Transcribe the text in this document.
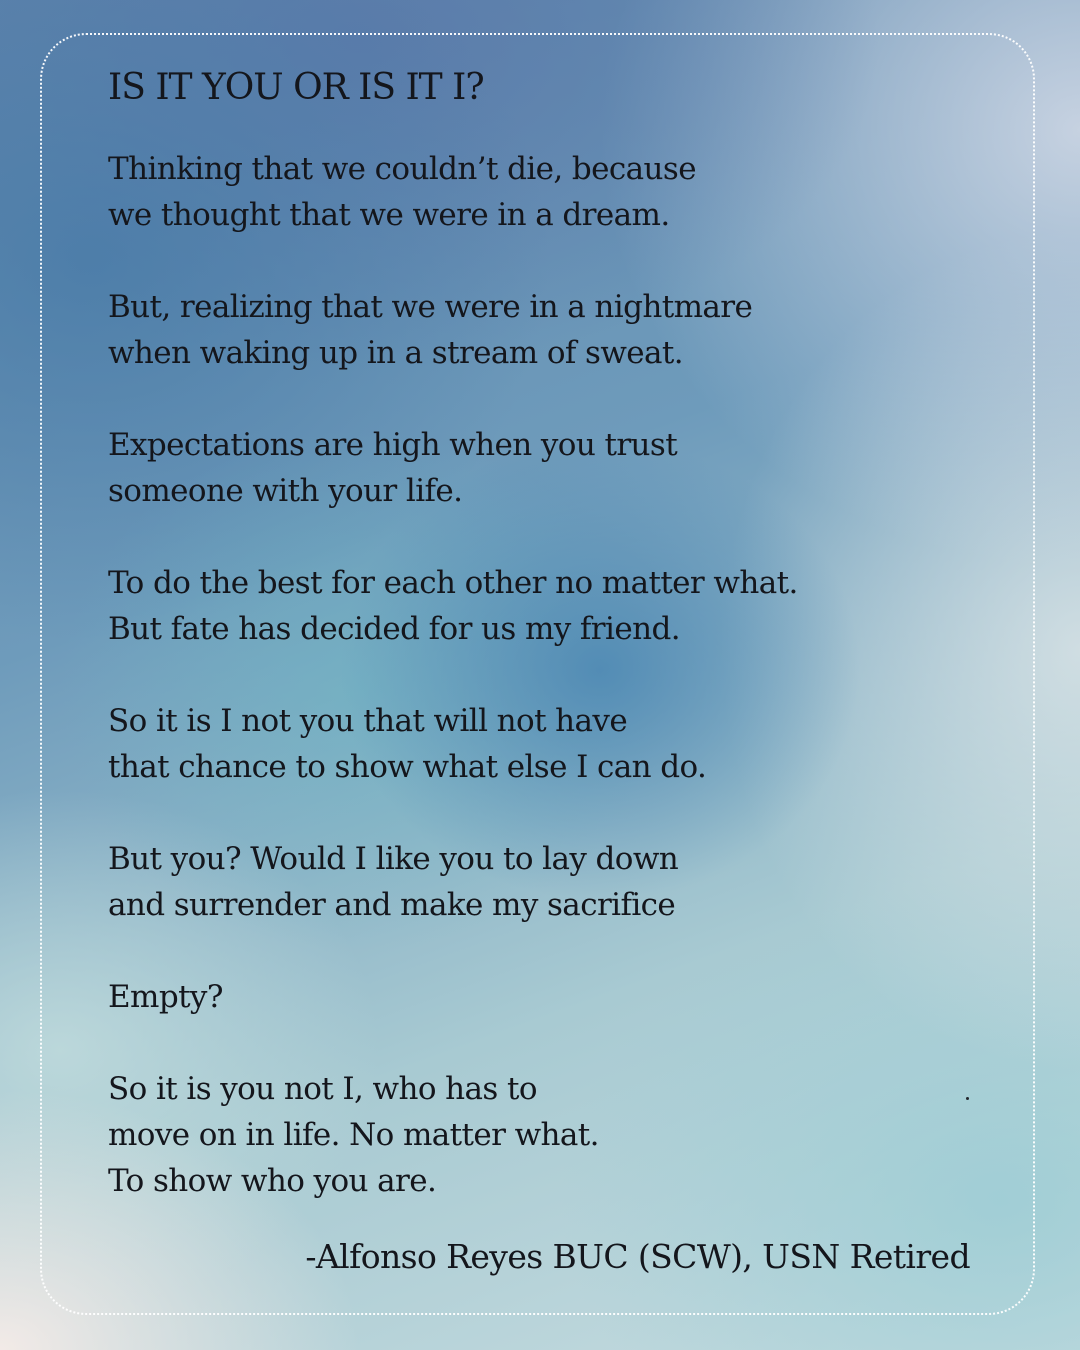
IS IT YOU OR IS IT I?
Thinking that we couldn’t die, because
we thought that we were in a dream.
But, realizing that we were in a nightmare
when waking up in a stream of sweat.
Expectations are high when you trust
someone with your life.
To do the best for each other no matter what.
But fate has decided for us my friend.
So it is I not you that will not have
that chance to show what else I can do.
But you? Would I like you to lay down
and surrender and make my sacrifice
Empty?
So it is you not I, who has to
move on in life. No matter what.
To show who you are.
-Alfonso Reyes BUC (SCW), USN Retired
